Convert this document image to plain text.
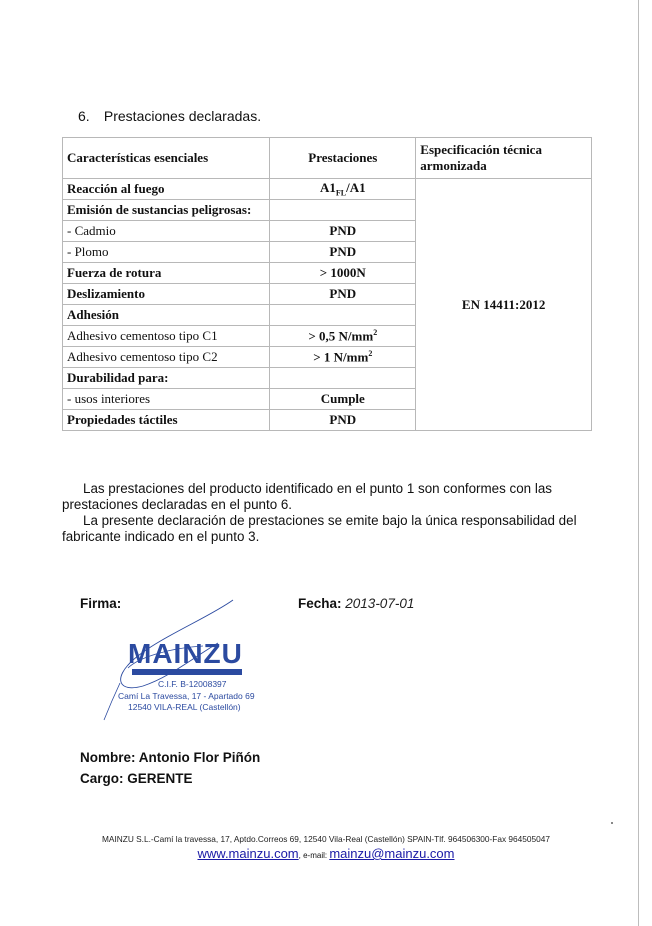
6. Prestaciones declaradas.
Características esenciales	Prestaciones	Especificación técnica armonizada
Reacción al fuego	$A1_{FL}/A1$	EN 14411:2012
Emisión de sustancias peligrosas:		
- Cadmio	PND	
- Plomo	PND	
Fuerza de rotura	> 1000N	
Deslizamiento	PND	
Adhesión		
Adhesivo cementoso tipo C1	> 0,5 $N/mm^2$
Adhesivo cementoso tipo C2	> 1 $N/mm^2$
Durabilidad para:		
- usos interiores	Cumple	
Propiedades táctiles	PND	

Las prestaciones del producto identificado en el punto 1 son conformes con las prestaciones declaradas en el punto 6.

La presente declaración de prestaciones se emite bajo la única responsabilidad del fabricante indicado en el punto 3.

Firma:	Fecha: 2013-07-01
MAINZU
C.I.F. B-12008397
Camí La Travessa, 17 - Apartado 69
12540 VILA-REAL (Castellón)
Nombre: Antonio Flor Piñón
Cargo: GERENTE
MAINZU S.L.-Camí la travessa, 17, Aptdo.Correos 69, 12540 Vila-Real (Castellón) SPAIN-Tlf. 964506300-Fax 964505047
www.mainzu.com, e-mail: mainzu@mainzu.com
